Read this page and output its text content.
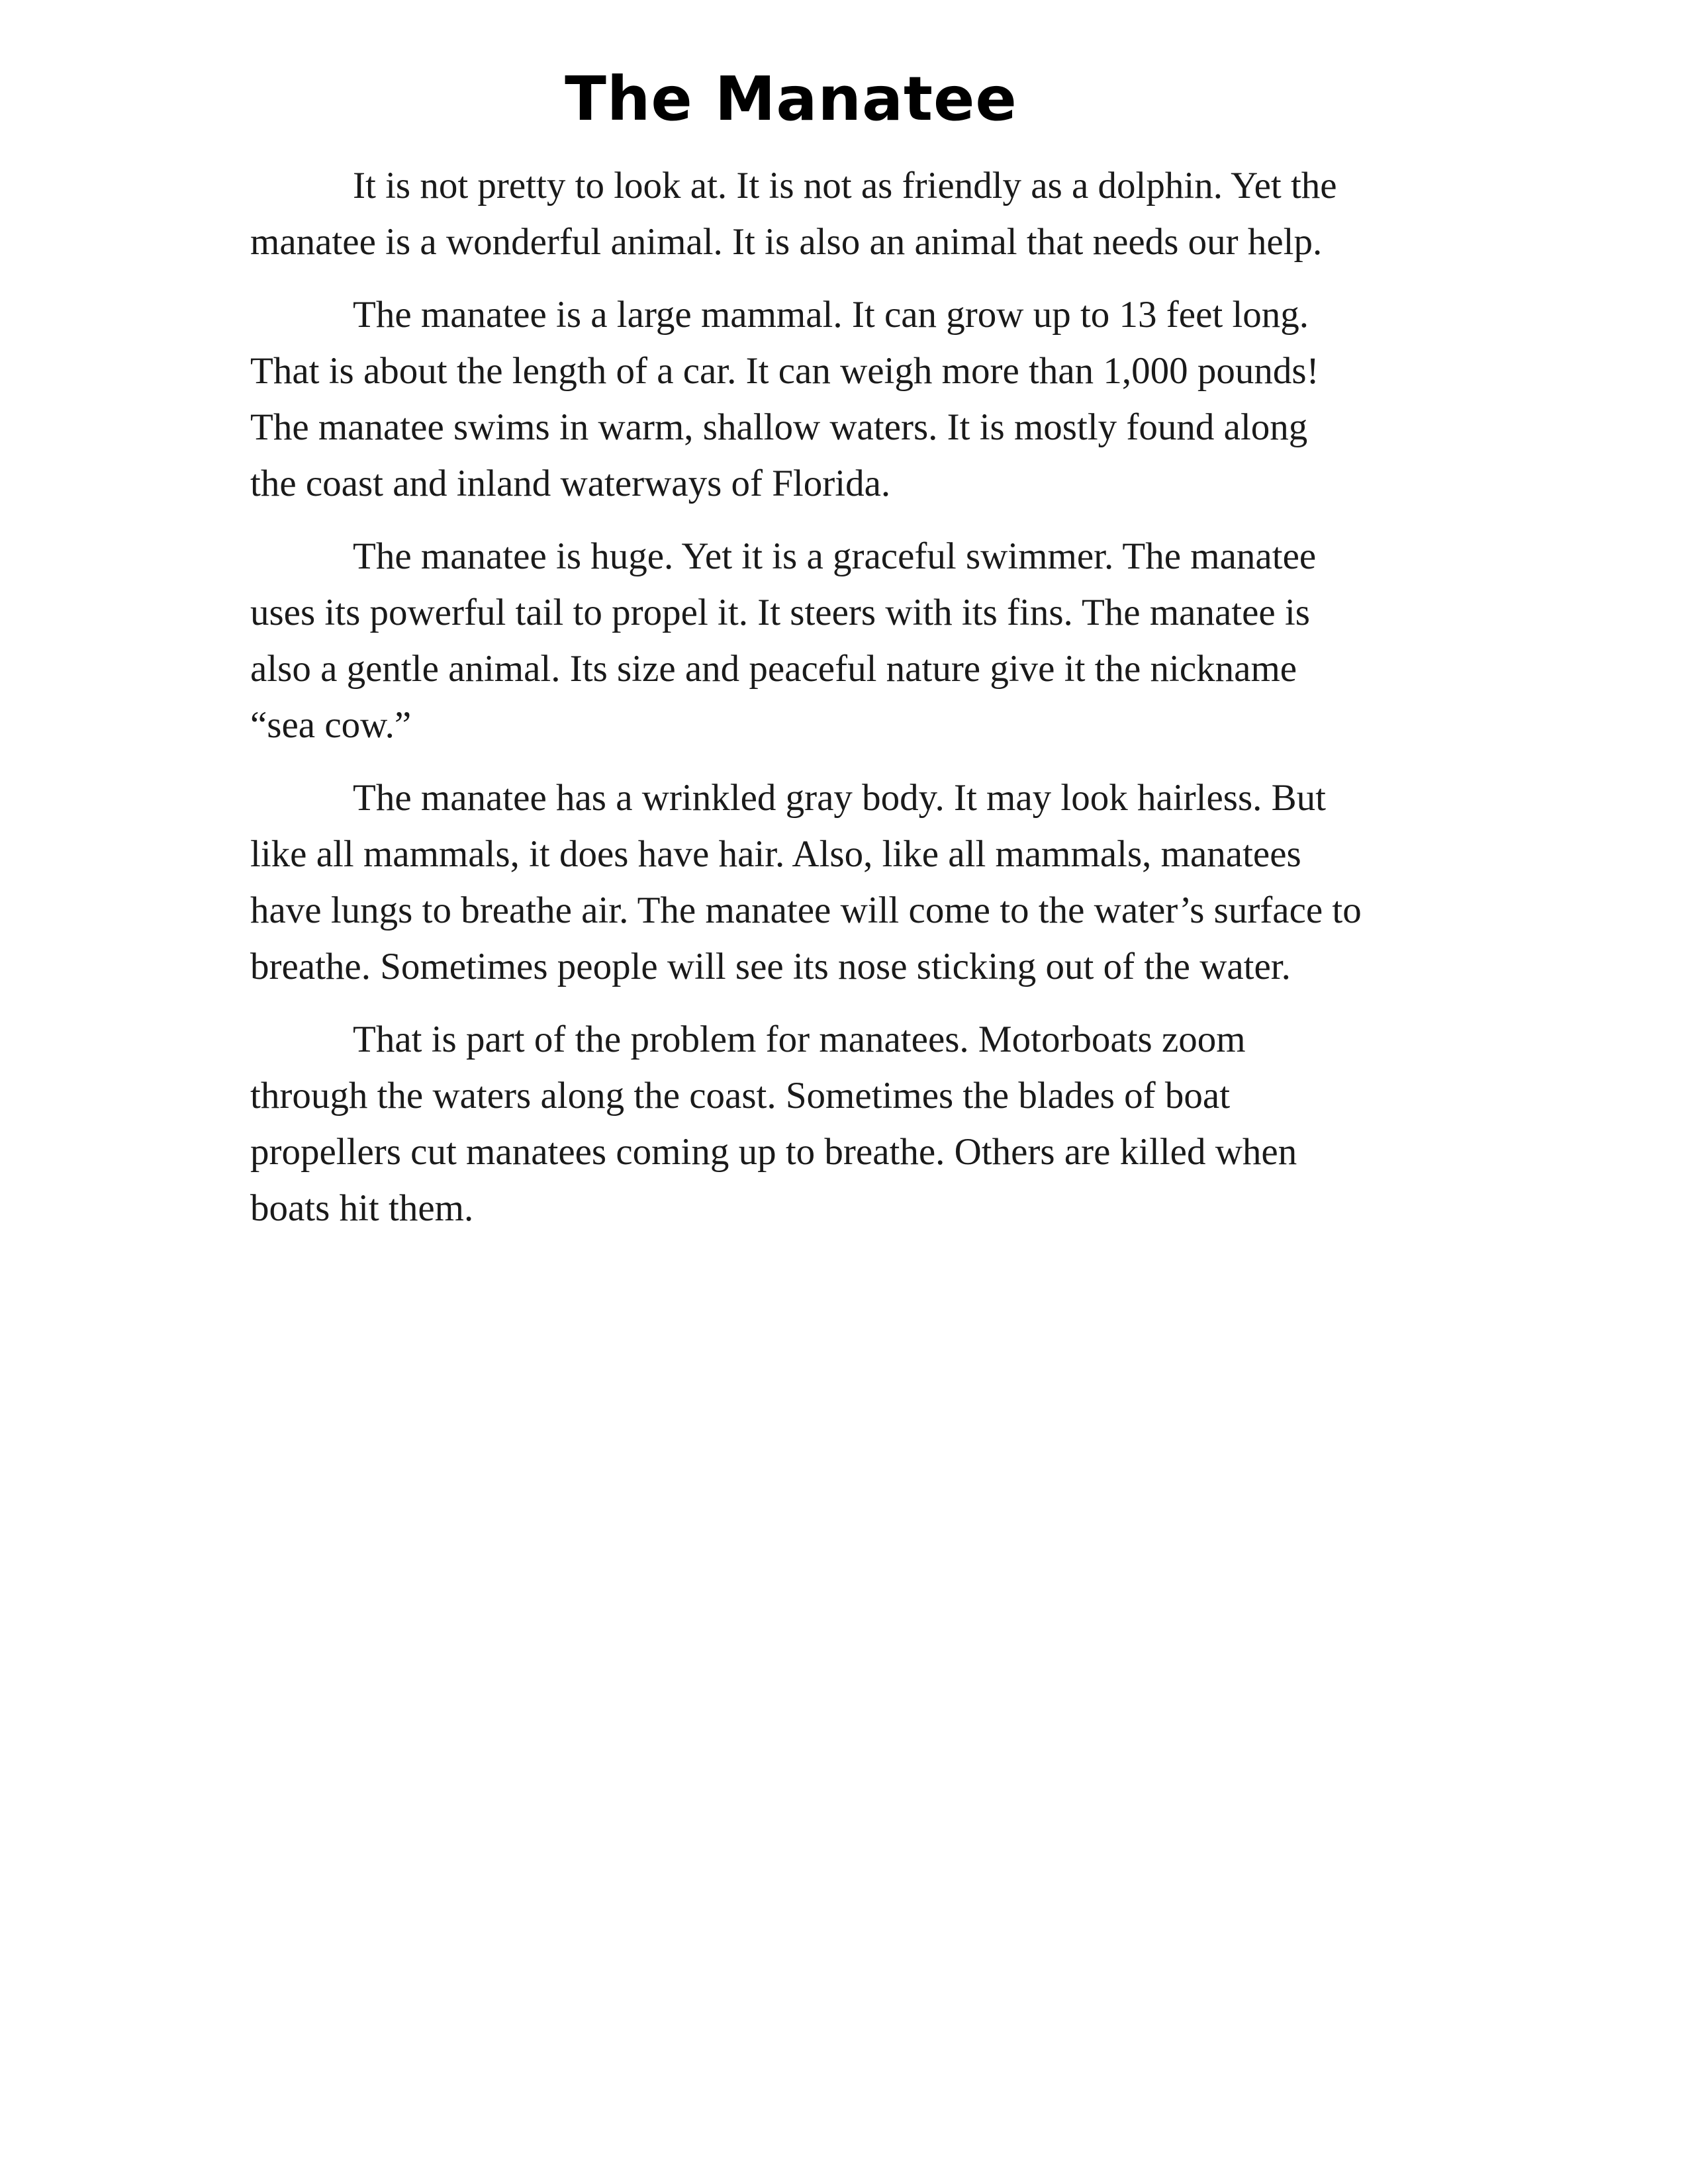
The Manatee

It is not pretty to look at. It is not as friendly as a dolphin. Yet the manatee is a wonderful animal. It is also an animal that needs our help.

The manatee is a large mammal. It can grow up to 13 feet long. That is about the length of a car. It can weigh more than 1,000 pounds! The manatee swims in warm, shallow waters. It is mostly found along the coast and inland waterways of Florida.

The manatee is huge. Yet it is a graceful swimmer. The manatee uses its powerful tail to propel it. It steers with its fins. The manatee is also a gentle animal. Its size and peaceful nature give it the nickname “sea cow.”

The manatee has a wrinkled gray body. It may look hairless. But like all mammals, it does have hair. Also, like all mammals, manatees have lungs to breathe air. The manatee will come to the water’s surface to breathe. Sometimes people will see its nose sticking out of the water.

That is part of the problem for manatees. Motorboats zoom through the waters along the coast. Sometimes the blades of boat propellers cut manatees coming up to breathe. Others are killed when boats hit them.
